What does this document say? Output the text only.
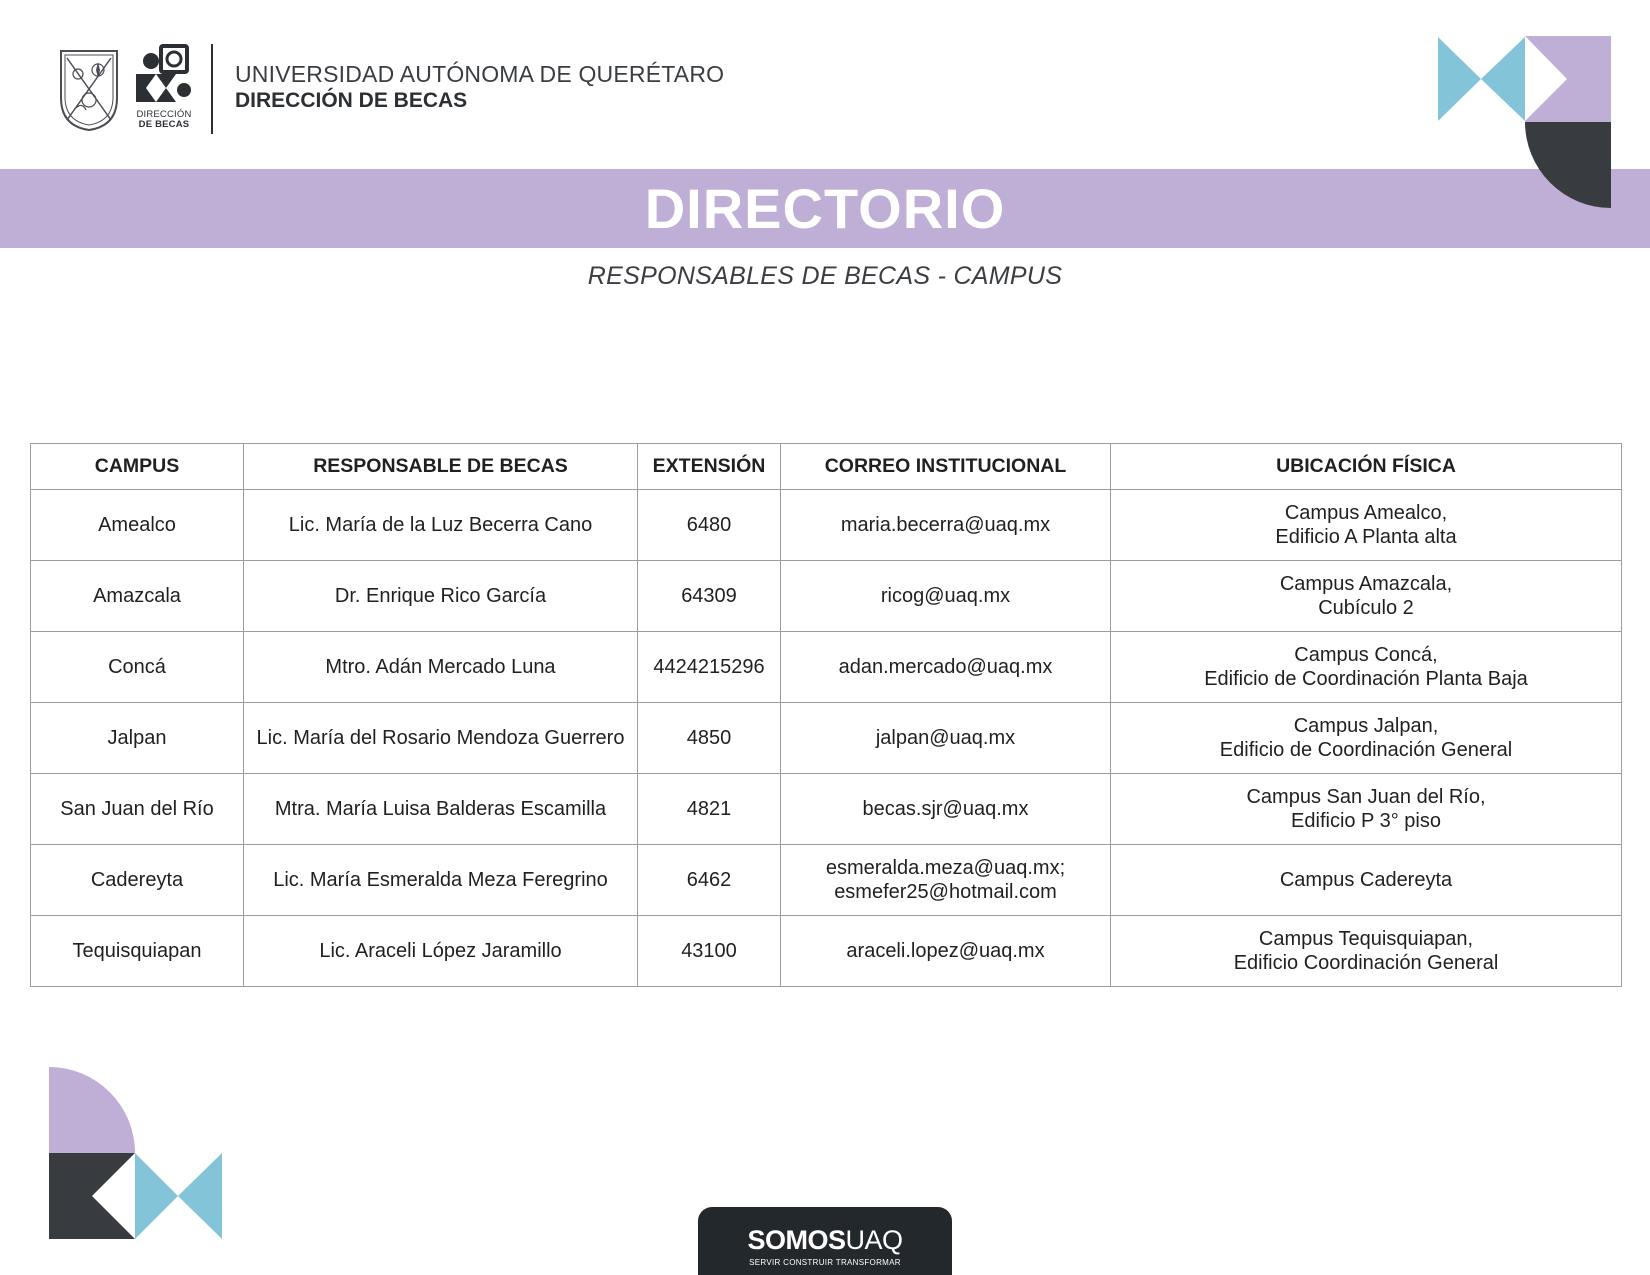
DIRECCIÓN
DE BECAS
UNIVERSIDAD AUTÓNOMA DE QUERÉTARO
DIRECCIÓN DE BECAS
DIRECTORIO
RESPONSABLES DE BECAS - CAMPUS
CAMPUS	RESPONSABLE DE BECAS	EXTENSIÓN	CORREO INSTITUCIONAL	UBICACIÓN FÍSICA
Amealco	Lic. María de la Luz Becerra Cano	6480	maria.becerra@uaq.mx	Campus Amealco,
Edificio A Planta alta

Amazcala	Dr. Enrique Rico García	64309	ricog@uaq.mx	Campus Amazcala,
Cubículo 2

Concá	Mtro. Adán Mercado Luna	4424215296	adan.mercado@uaq.mx	Campus Concá,
Edificio de Coordinación Planta Baja

Jalpan	Lic. María del Rosario Mendoza Guerrero	4850	jalpan@uaq.mx	Campus Jalpan,
Edificio de Coordinación General

San Juan del Río	Mtra. María Luisa Balderas Escamilla	4821	becas.sjr@uaq.mx	Campus San Juan del Río,
Edificio P 3° piso

Cadereyta	Lic. María Esmeralda Meza Feregrino	6462	esmeralda.meza@uaq.mx;
esmefer25@hotmail.com	Campus Cadereyta

Tequisquiapan	Lic. Araceli López Jaramillo	43100	araceli.lopez@uaq.mx	Campus Tequisquiapan,
Edificio Coordinación General
SOMOSUAQ
SERVIR CONSTRUIR TRANSFORMAR
